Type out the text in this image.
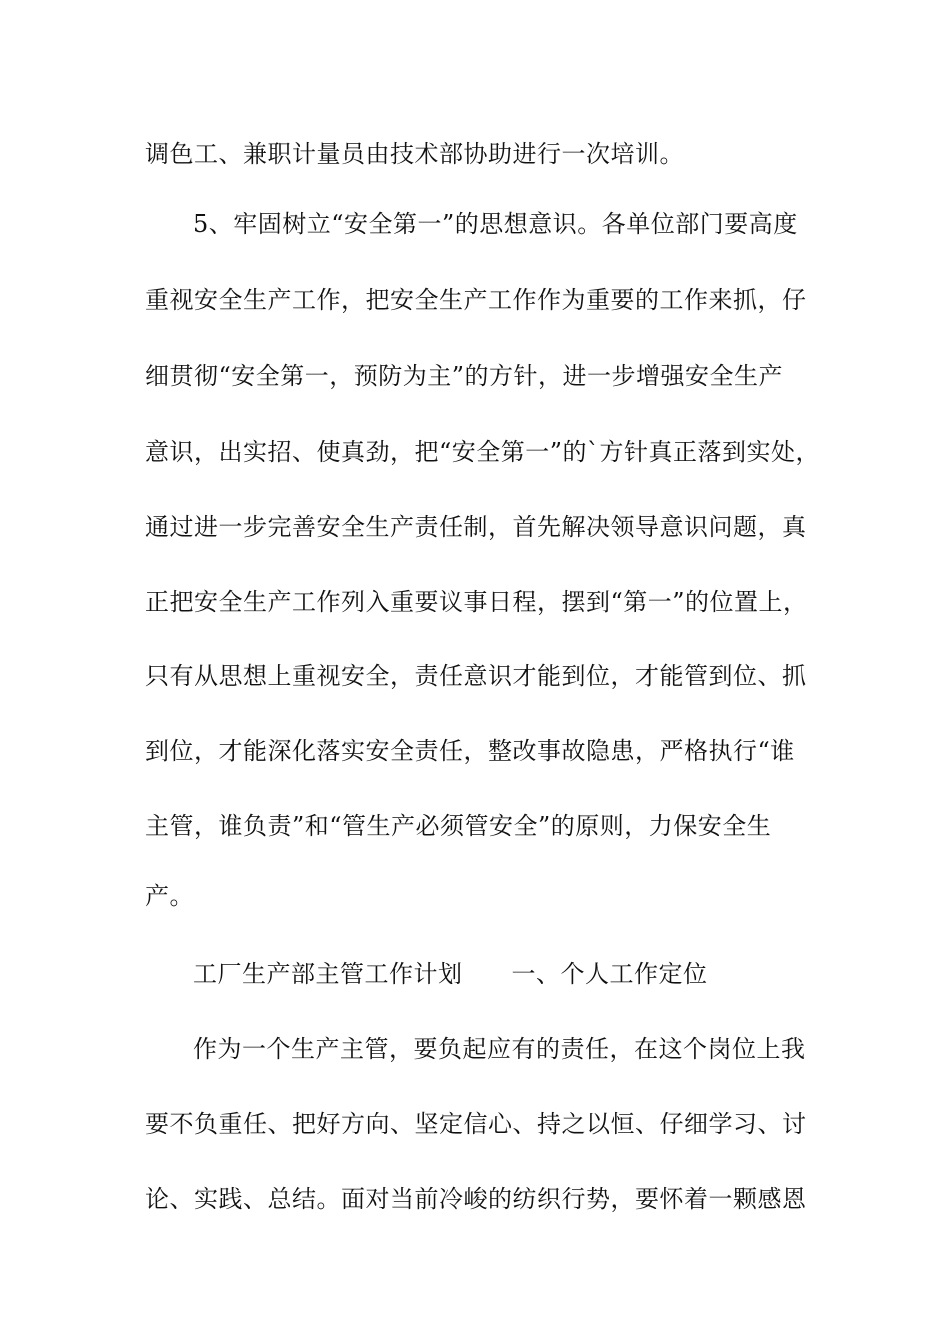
调色工、兼职计量员由技术部协助进行一次培训。
5、牢固树立“安全第一”的思想意识。各单位部门要高度
重视安全生产工作，把安全生产工作作为重要的工作来抓，仔
细贯彻“安全第一，预防为主”的方针，进一步增强安全生产
意识，出实招、使真劲，把“安全第一”的`方针真正落到实处，
通过进一步完善安全生产责任制，首先解决领导意识问题，真
正把安全生产工作列入重要议事日程，摆到“第一”的位置上，
只有从思想上重视安全，责任意识才能到位，才能管到位、抓
到位，才能深化落实安全责任，整改事故隐患，严格执行“谁
主管，谁负责”和“管生产必须管安全”的原则，力保安全生
产。
工厂生产部主管工作计划　　一、个人工作定位
作为一个生产主管，要负起应有的责任，在这个岗位上我
要不负重任、把好方向、坚定信心、持之以恒、仔细学习、讨
论、实践、总结。面对当前冷峻的纺织行势，要怀着一颗感恩
